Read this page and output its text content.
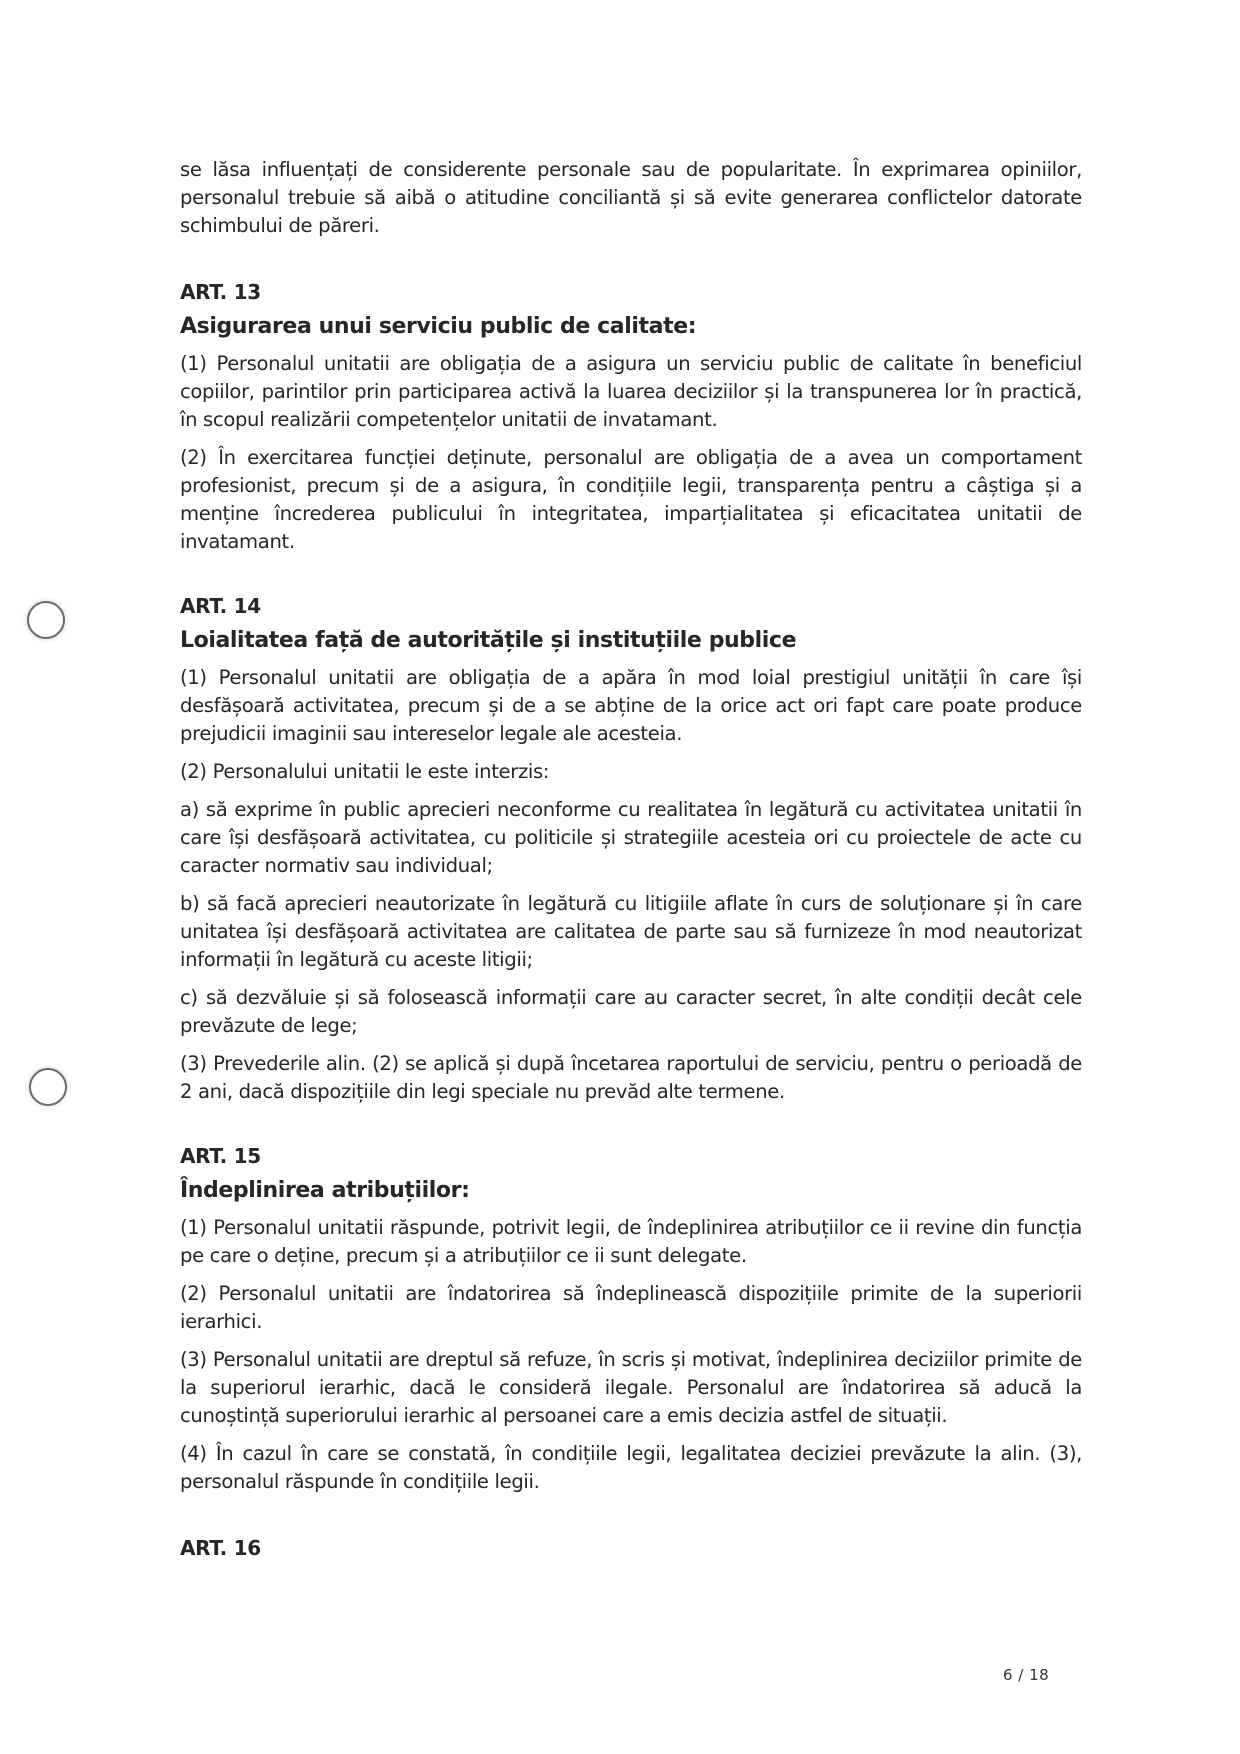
se lăsa influențați de considerente personale sau de popularitate. În exprimarea opiniilor, personalul trebuie să aibă o atitudine conciliantă și să evite generarea conflictelor datorate schimbului de păreri.

ART. 13

Asigurarea unui serviciu public de calitate:

(1) Personalul unitatii are obligația de a asigura un serviciu public de calitate în beneficiul copiilor, parintilor prin participarea activă la luarea deciziilor și la transpunerea lor în practică, în scopul realizării competențelor unitatii de invatamant.

(2) În exercitarea funcției deținute, personalul are obligația de a avea un comportament profesionist, precum și de a asigura, în condițiile legii, transparența pentru a câștiga și a menține încrederea publicului în integritatea, imparțialitatea și eficacitatea unitatii de invatamant.

ART. 14

Loialitatea față de autoritățile și instituțiile publice

(1) Personalul unitatii are obligația de a apăra în mod loial prestigiul unității în care își desfășoară activitatea, precum și de a se abține de la orice act ori fapt care poate produce prejudicii imaginii sau intereselor legale ale acesteia.

(2) Personalului unitatii le este interzis:

a) să exprime în public aprecieri neconforme cu realitatea în legătură cu activitatea unitatii în care își desfășoară activitatea, cu politicile și strategiile acesteia ori cu proiectele de acte cu caracter normativ sau individual;

b) să facă aprecieri neautorizate în legătură cu litigiile aflate în curs de soluționare și în care unitatea își desfășoară activitatea are calitatea de parte sau să furnizeze în mod neautorizat informații în legătură cu aceste litigii;

c) să dezvăluie și să folosească informații care au caracter secret, în alte condiții decât cele prevăzute de lege;

(3) Prevederile alin. (2) se aplică și după încetarea raportului de serviciu, pentru o perioadă de 2 ani, dacă dispozițiile din legi speciale nu prevăd alte termene.

ART. 15

Îndeplinirea atribuțiilor:

(1) Personalul unitatii răspunde, potrivit legii, de îndeplinirea atribuțiilor ce ii revine din funcția pe care o deține, precum și a atribuțiilor ce ii sunt delegate.

(2) Personalul unitatii are îndatorirea să îndeplinească dispozițiile primite de la superiorii ierarhici.

(3) Personalul unitatii are dreptul să refuze, în scris și motivat, îndeplinirea deciziilor primite de la superiorul ierarhic, dacă le consideră ilegale. Personalul are îndatorirea să aducă la cunoștință superiorului ierarhic al persoanei care a emis decizia astfel de situații.

(4) În cazul în care se constată, în condițiile legii, legalitatea deciziei prevăzute la alin. (3), personalul răspunde în condițiile legii.

ART. 16

6 / 18
